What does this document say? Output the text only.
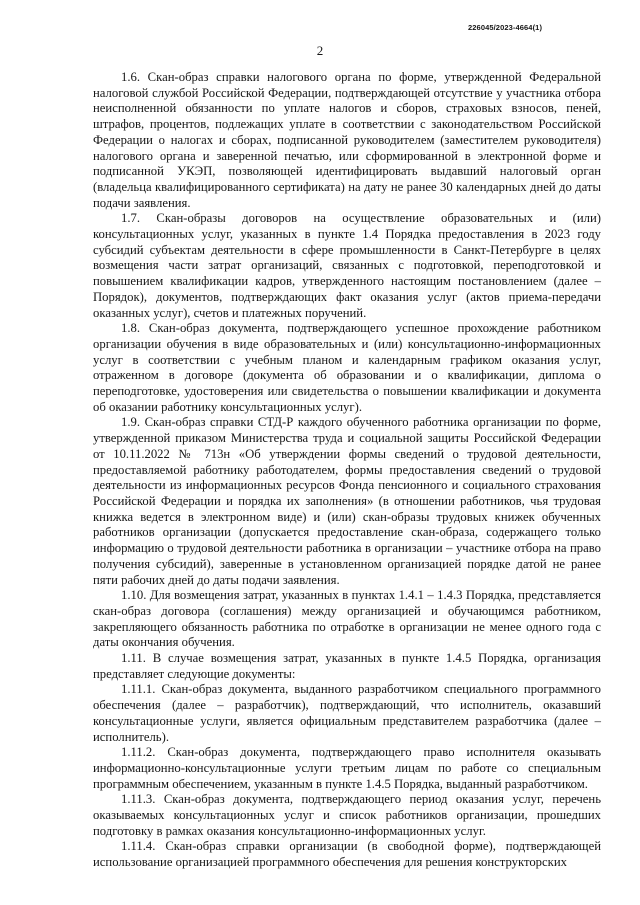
226045/2023-4664(1)
2

1.6. Скан-образ справки налогового органа по форме, утвержденной Федеральной налоговой службой Российской Федерации, подтверждающей отсутствие у участника отбора неисполненной обязанности по уплате налогов и сборов, страховых взносов, пеней, штрафов, процентов, подлежащих уплате в соответствии с законодательством Российской Федерации о налогах и сборах, подписанной руководителем (заместителем руководителя) налогового органа и заверенной печатью, или сформированной в электронной форме и подписанной УКЭП, позволяющей идентифицировать выдавший налоговый орган (владельца квалифицированного сертификата) на дату не ранее 30 календарных дней до даты подачи заявления.

1.7. Скан-образы договоров на осуществление образовательных и (или) консультационных услуг, указанных в пункте 1.4 Порядка предоставления в 2023 году субсидий субъектам деятельности в сфере промышленности в Санкт-Петербурге в целях возмещения части затрат организаций, связанных с подготовкой, переподготовкой и повышением квалификации кадров, утвержденного настоящим постановлением (далее – Порядок), документов, подтверждающих факт оказания услуг (актов приема-передачи оказанных услуг), счетов и платежных поручений.

1.8. Скан-образ документа, подтверждающего успешное прохождение работником организации обучения в виде образовательных и (или) консультационно-информационных услуг в соответствии с учебным планом и календарным графиком оказания услуг, отраженном в договоре (документа об образовании и о квалификации, диплома о переподготовке, удостоверения или свидетельства о повышении квалификации и документа об оказании работнику консультационных услуг).

1.9. Скан-образ справки СТД-Р каждого обученного работника организации по форме, утвержденной приказом Министерства труда и социальной защиты Российской Федерации от 10.11.2022 № 713н «Об утверждении формы сведений о трудовой деятельности, предоставляемой работнику работодателем, формы предоставления сведений о трудовой деятельности из информационных ресурсов Фонда пенсионного и социального страхования Российской Федерации и порядка их заполнения» (в отношении работников, чья трудовая книжка ведется в электронном виде) и (или) скан-образы трудовых книжек обученных работников организации (допускается предоставление скан-образа, содержащего только информацию о трудовой деятельности работника в организации – участнике отбора на право получения субсидий), заверенные в установленном организацией порядке датой не ранее пяти рабочих дней до даты подачи заявления.

1.10. Для возмещения затрат, указанных в пунктах 1.4.1 – 1.4.3 Порядка, представляется скан-образ договора (соглашения) между организацией и обучающимся работником, закрепляющего обязанность работника по отработке в организации не менее одного года с даты окончания обучения.

1.11. В случае возмещения затрат, указанных в пункте 1.4.5 Порядка, организация представляет следующие документы:

1.11.1. Скан-образ документа, выданного разработчиком специального программного обеспечения (далее – разработчик), подтверждающий, что исполнитель, оказавший консультационные услуги, является официальным представителем разработчика (далее – исполнитель).

1.11.2. Скан-образ документа, подтверждающего право исполнителя оказывать информационно-консультационные услуги третьим лицам по работе со специальным программным обеспечением, указанным в пункте 1.4.5 Порядка, выданный разработчиком.

1.11.3. Скан-образ документа, подтверждающего период оказания услуг, перечень оказываемых консультационных услуг и список работников организации, прошедших подготовку в рамках оказания консультационно-информационных услуг.

1.11.4. Скан-образ справки организации (в свободной форме), подтверждающей использование организацией программного обеспечения для решения конструкторских
